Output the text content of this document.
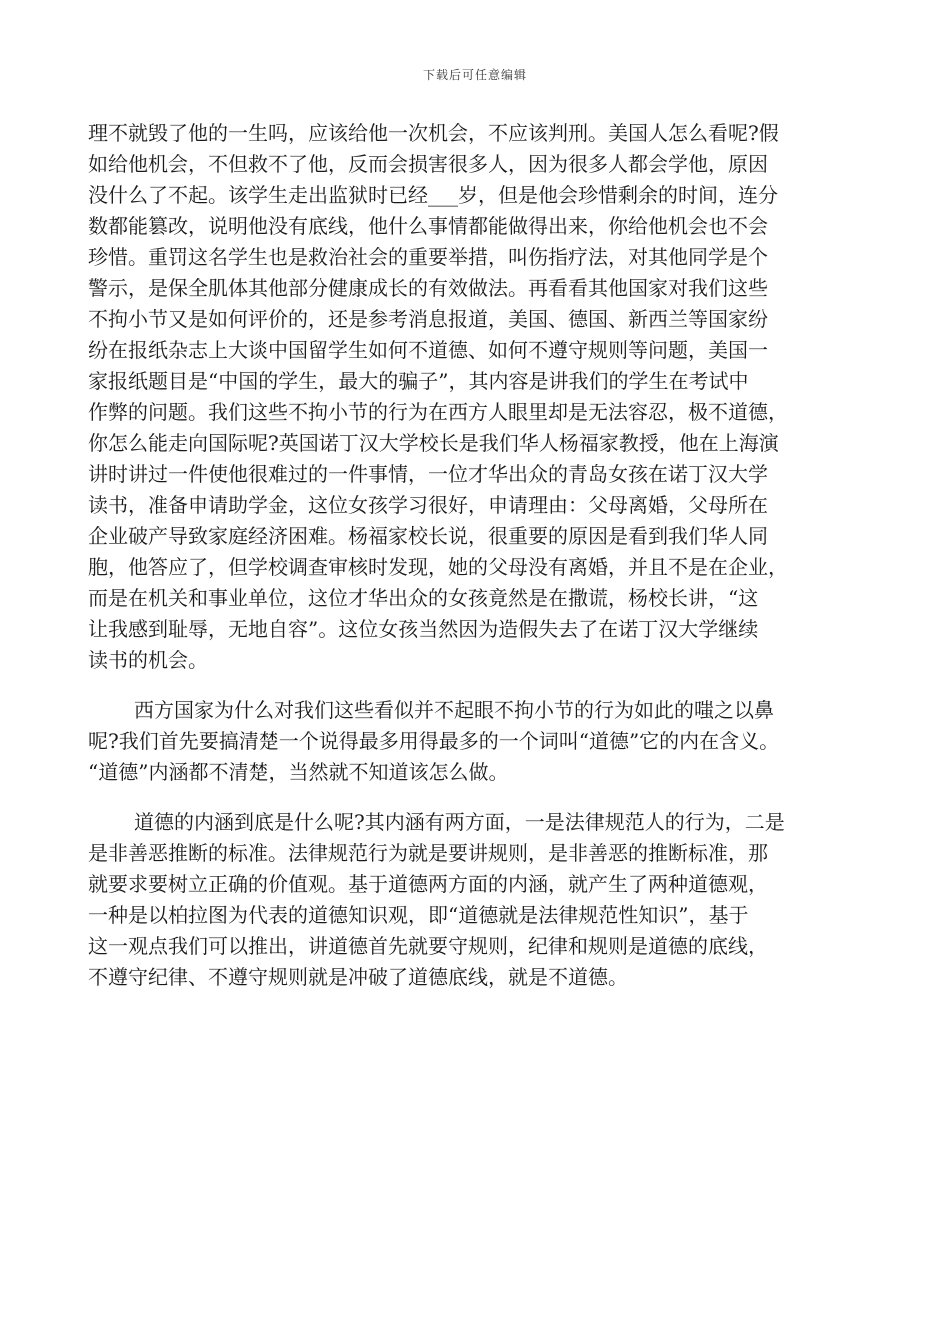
下载后可任意编辑

理不就毁了他的一生吗，应该给他一次机会，不应该判刑。美国人怎么看呢?假
如给他机会，不但救不了他，反而会损害很多人，因为很多人都会学他，原因
没什么了不起。该学生走出监狱时已经___岁，但是他会珍惜剩余的时间，连分
数都能篡改，说明他没有底线，他什么事情都能做得出来，你给他机会也不会
珍惜。重罚这名学生也是救治社会的重要举措，叫伤指疗法，对其他同学是个
警示，是保全肌体其他部分健康成长的有效做法。再看看其他国家对我们这些
不拘小节又是如何评价的，还是参考消息报道，美国、德国、新西兰等国家纷
纷在报纸杂志上大谈中国留学生如何不道德、如何不遵守规则等问题，美国一
家报纸题目是“中国的学生，最大的骗子”，其内容是讲我们的学生在考试中
作弊的问题。我们这些不拘小节的行为在西方人眼里却是无法容忍，极不道德，
你怎么能走向国际呢?英国诺丁汉大学校长是我们华人杨福家教授，他在上海演
讲时讲过一件使他很难过的一件事情，一位才华出众的青岛女孩在诺丁汉大学
读书，准备申请助学金，这位女孩学习很好，申请理由：父母离婚，父母所在
企业破产导致家庭经济困难。杨福家校长说，很重要的原因是看到我们华人同
胞，他答应了，但学校调查审核时发现，她的父母没有离婚，并且不是在企业，
而是在机关和事业单位，这位才华出众的女孩竟然是在撒谎，杨校长讲，“这
让我感到耻辱，无地自容”。这位女孩当然因为造假失去了在诺丁汉大学继续
读书的机会。

西方国家为什么对我们这些看似并不起眼不拘小节的行为如此的嗤之以鼻
呢?我们首先要搞清楚一个说得最多用得最多的一个词叫“道德”它的内在含义。
“道德”内涵都不清楚，当然就不知道该怎么做。

道德的内涵到底是什么呢?其内涵有两方面，一是法律规范人的行为，二是
是非善恶推断的标准。法律规范行为就是要讲规则，是非善恶的推断标准，那
就要求要树立正确的价值观。基于道德两方面的内涵，就产生了两种道德观，
一种是以柏拉图为代表的道德知识观，即“道德就是法律规范性知识”，基于
这一观点我们可以推出，讲道德首先就要守规则，纪律和规则是道德的底线，
不遵守纪律、不遵守规则就是冲破了道德底线，就是不道德。
